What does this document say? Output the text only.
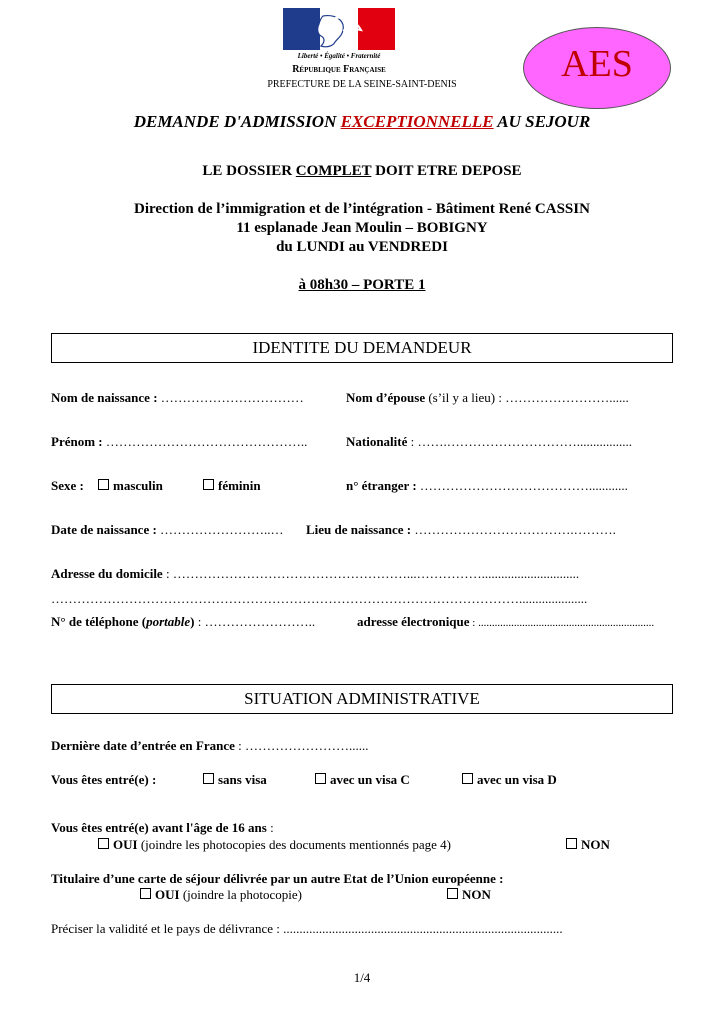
Liberté • Égalité • Fraternité
République Française
PREFECTURE DE LA SEINE-SAINT-DENIS	AES
DEMANDE D'ADMISSION EXCEPTIONNELLE AU SEJOUR
LE DOSSIER COMPLET DOIT ETRE DEPOSE
Direction de l’immigration et de l’intégration - Bâtiment René CASSIN
11 esplanade Jean Moulin – BOBIGNY
du LUNDI au VENDREDI
à 08h30 – PORTE 1
IDENTITE DU DEMANDEUR
Nom de naissance : ……………………………	Nom d’épouse (s’il y a lieu) : ……………………......
Prénom : ………………………………………..	Nationalité : …….………………………….................
Sexe :	masculin	féminin	n° étranger : …………………………………............
Date de naissance : ……………………..… Lieu de naissance : ……………………………….……….
Adresse du domicile : ………………………………………………...……………..............................
……………………………………………………………………………………………….....................
N° de téléphone (portable) : ……………………..	adresse électronique : ................................................................
SITUATION ADMINISTRATIVE
Dernière date d’entrée en France : ……………………......
Vous êtes entré(e) :	sans visa	avec un visa C	avec un visa D
Vous êtes entré(e) avant l'âge de 16 ans :
OUI (joindre les photocopies des documents mentionnés page 4)	NON
Titulaire d’une carte de séjour délivrée par un autre Etat de l’Union européenne :
OUI (joindre la photocopie)	NON
Préciser la validité et le pays de délivrance : ......................................................................................
1/4
